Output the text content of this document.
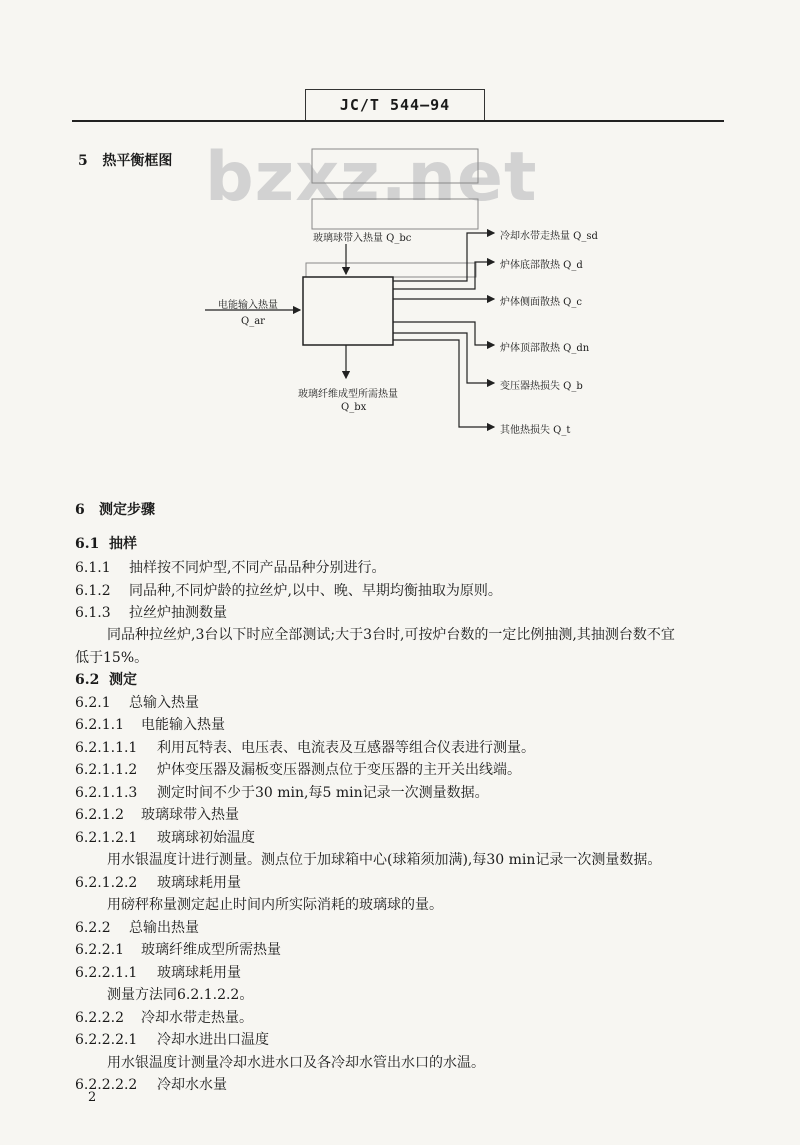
JC/T 544—94
bzxz.net
5 热平衡框图
玻璃球带入热量 Q_bc
电能输入热量
Q_ar
玻璃纤维成型所需热量
Q_bx
冷却水带走热量 Q_sd
炉体底部散热 Q_d
炉体侧面散热 Q_c
炉体顶部散热 Q_dn
变压器热损失 Q_b
其他热损失 Q_t
6 测定步骤
6.1 抽样
6.1.1 抽样按不同炉型,不同产品品种分别进行。
6.1.2 同品种,不同炉龄的拉丝炉,以中、晚、早期均衡抽取为原则。
6.1.3 拉丝炉抽测数量
同品种拉丝炉,3台以下时应全部测试;大于3台时,可按炉台数的一定比例抽测,其抽测台数不宜
低于15%。
6.2 测定
6.2.1 总输入热量
6.2.1.1 电能输入热量
6.2.1.1.1 利用瓦特表、电压表、电流表及互感器等组合仪表进行测量。
6.2.1.1.2 炉体变压器及漏板变压器测点位于变压器的主开关出线端。
6.2.1.1.3 测定时间不少于30 min,每5 min记录一次测量数据。
6.2.1.2 玻璃球带入热量
6.2.1.2.1 玻璃球初始温度
用水银温度计进行测量。测点位于加球箱中心(球箱须加满),每30 min记录一次测量数据。
6.2.1.2.2 玻璃球耗用量
用磅秤称量测定起止时间内所实际消耗的玻璃球的量。
6.2.2 总输出热量
6.2.2.1 玻璃纤维成型所需热量
6.2.2.1.1 玻璃球耗用量
测量方法同6.2.1.2.2。
6.2.2.2 冷却水带走热量。
6.2.2.2.1 冷却水进出口温度
用水银温度计测量冷却水进水口及各冷却水管出水口的水温。
6.2.2.2.2 冷却水水量
2
